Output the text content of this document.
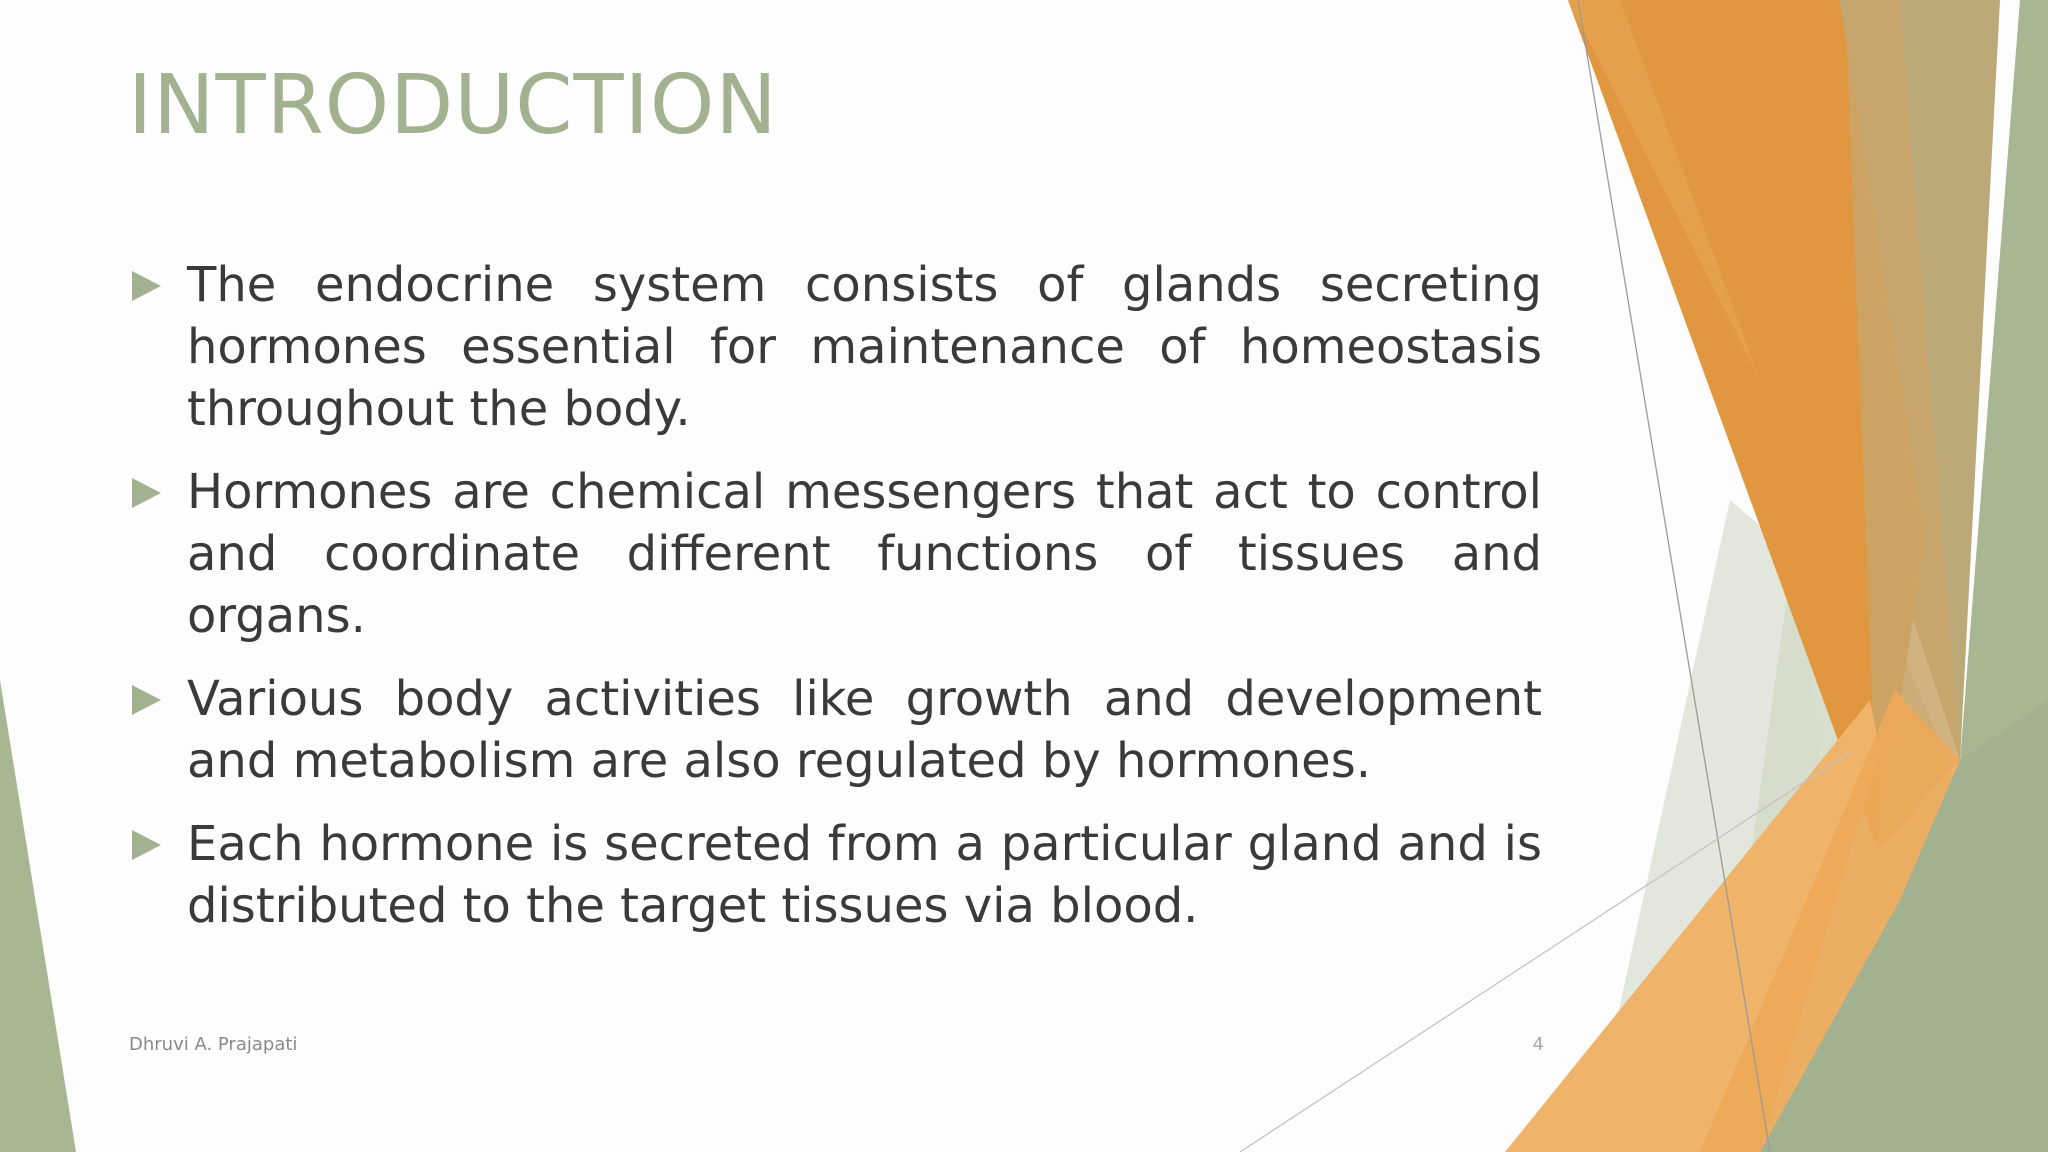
INTRODUCTION
The endocrine system consists of glands secreting hormones essential for maintenance of homeostasis throughout the body.
Hormones are chemical messengers that act to control and coordinate different functions of tissues and organs.
Various body activities like growth and development and metabolism are also regulated by hormones.
Each hormone is secreted from a particular gland and is distributed to the target tissues via blood.
Dhruvi A. Prajapati	4
